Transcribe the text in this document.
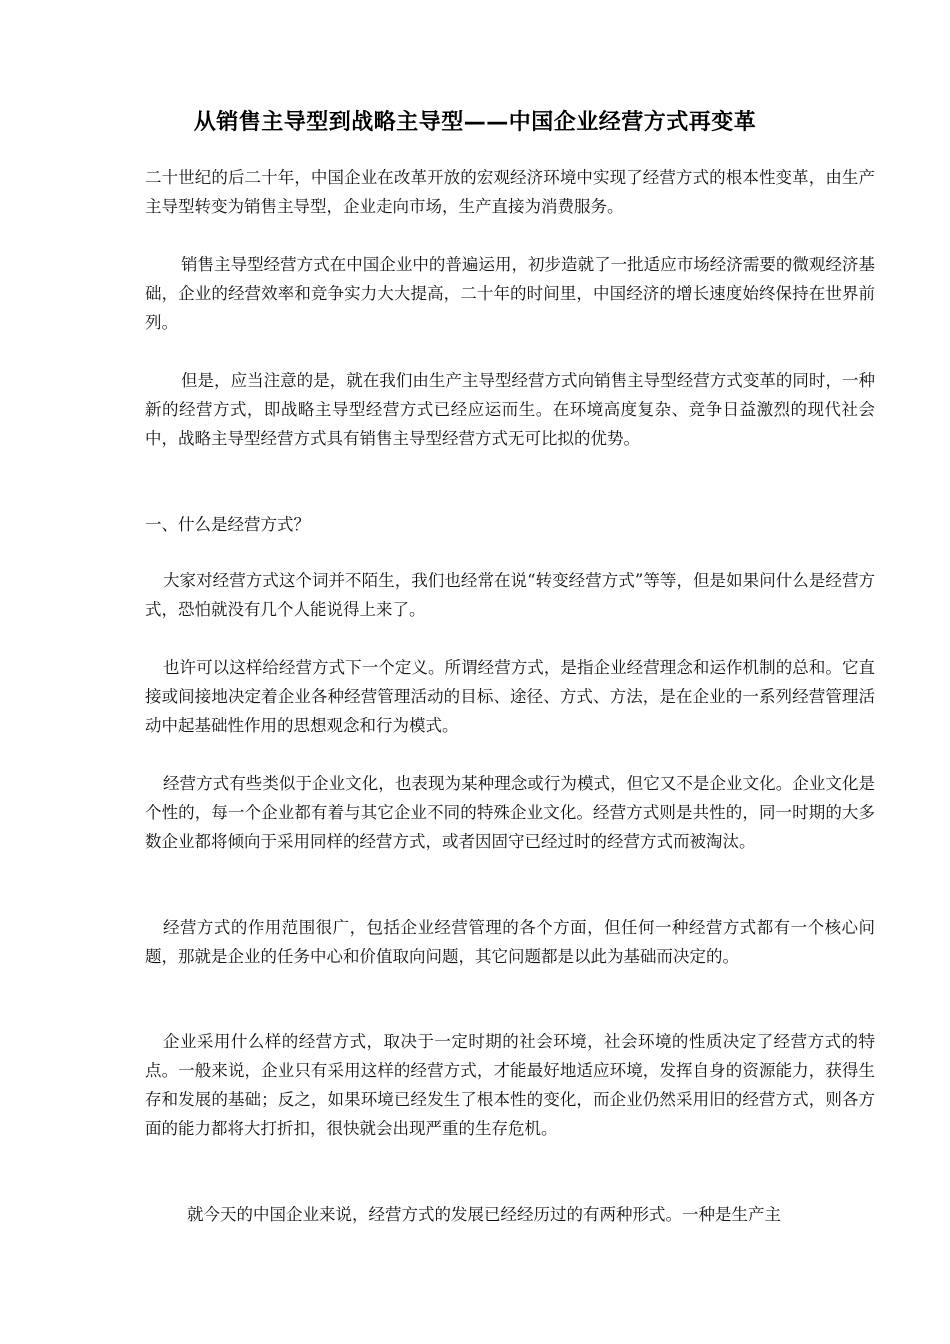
从销售主导型到战略主导型——中国企业经营方式再变革

二十世纪的后二十年，中国企业在改革开放的宏观经济环境中实现了经营方式的根本性变革，由生产主导型转变为销售主导型，企业走向市场，生产直接为消费服务。

销售主导型经营方式在中国企业中的普遍运用，初步造就了一批适应市场经济需要的微观经济基础，企业的经营效率和竞争实力大大提高，二十年的时间里，中国经济的增长速度始终保持在世界前列。

但是，应当注意的是，就在我们由生产主导型经营方式向销售主导型经营方式变革的同时，一种新的经营方式，即战略主导型经营方式已经应运而生。在环境高度复杂、竞争日益激烈的现代社会中，战略主导型经营方式具有销售主导型经营方式无可比拟的优势。

一、什么是经营方式？

大家对经营方式这个词并不陌生，我们也经常在说“转变经营方式”等等，但是如果问什么是经营方式，恐怕就没有几个人能说得上来了。

也许可以这样给经营方式下一个定义。所谓经营方式，是指企业经营理念和运作机制的总和。它直接或间接地决定着企业各种经营管理活动的目标、途径、方式、方法，是在企业的一系列经营管理活动中起基础性作用的思想观念和行为模式。

经营方式有些类似于企业文化，也表现为某种理念或行为模式，但它又不是企业文化。企业文化是个性的，每一个企业都有着与其它企业不同的特殊企业文化。经营方式则是共性的，同一时期的大多数企业都将倾向于采用同样的经营方式，或者因固守已经过时的经营方式而被淘汰。

经营方式的作用范围很广，包括企业经营管理的各个方面，但任何一种经营方式都有一个核心问题，那就是企业的任务中心和价值取向问题，其它问题都是以此为基础而决定的。

企业采用什么样的经营方式，取决于一定时期的社会环境，社会环境的性质决定了经营方式的特点。一般来说，企业只有采用这样的经营方式，才能最好地适应环境，发挥自身的资源能力，获得生存和发展的基础；反之，如果环境已经发生了根本性的变化，而企业仍然采用旧的经营方式，则各方面的能力都将大打折扣，很快就会出现严重的生存危机。

就今天的中国企业来说，经营方式的发展已经经历过的有两种形式。一种是生产主
